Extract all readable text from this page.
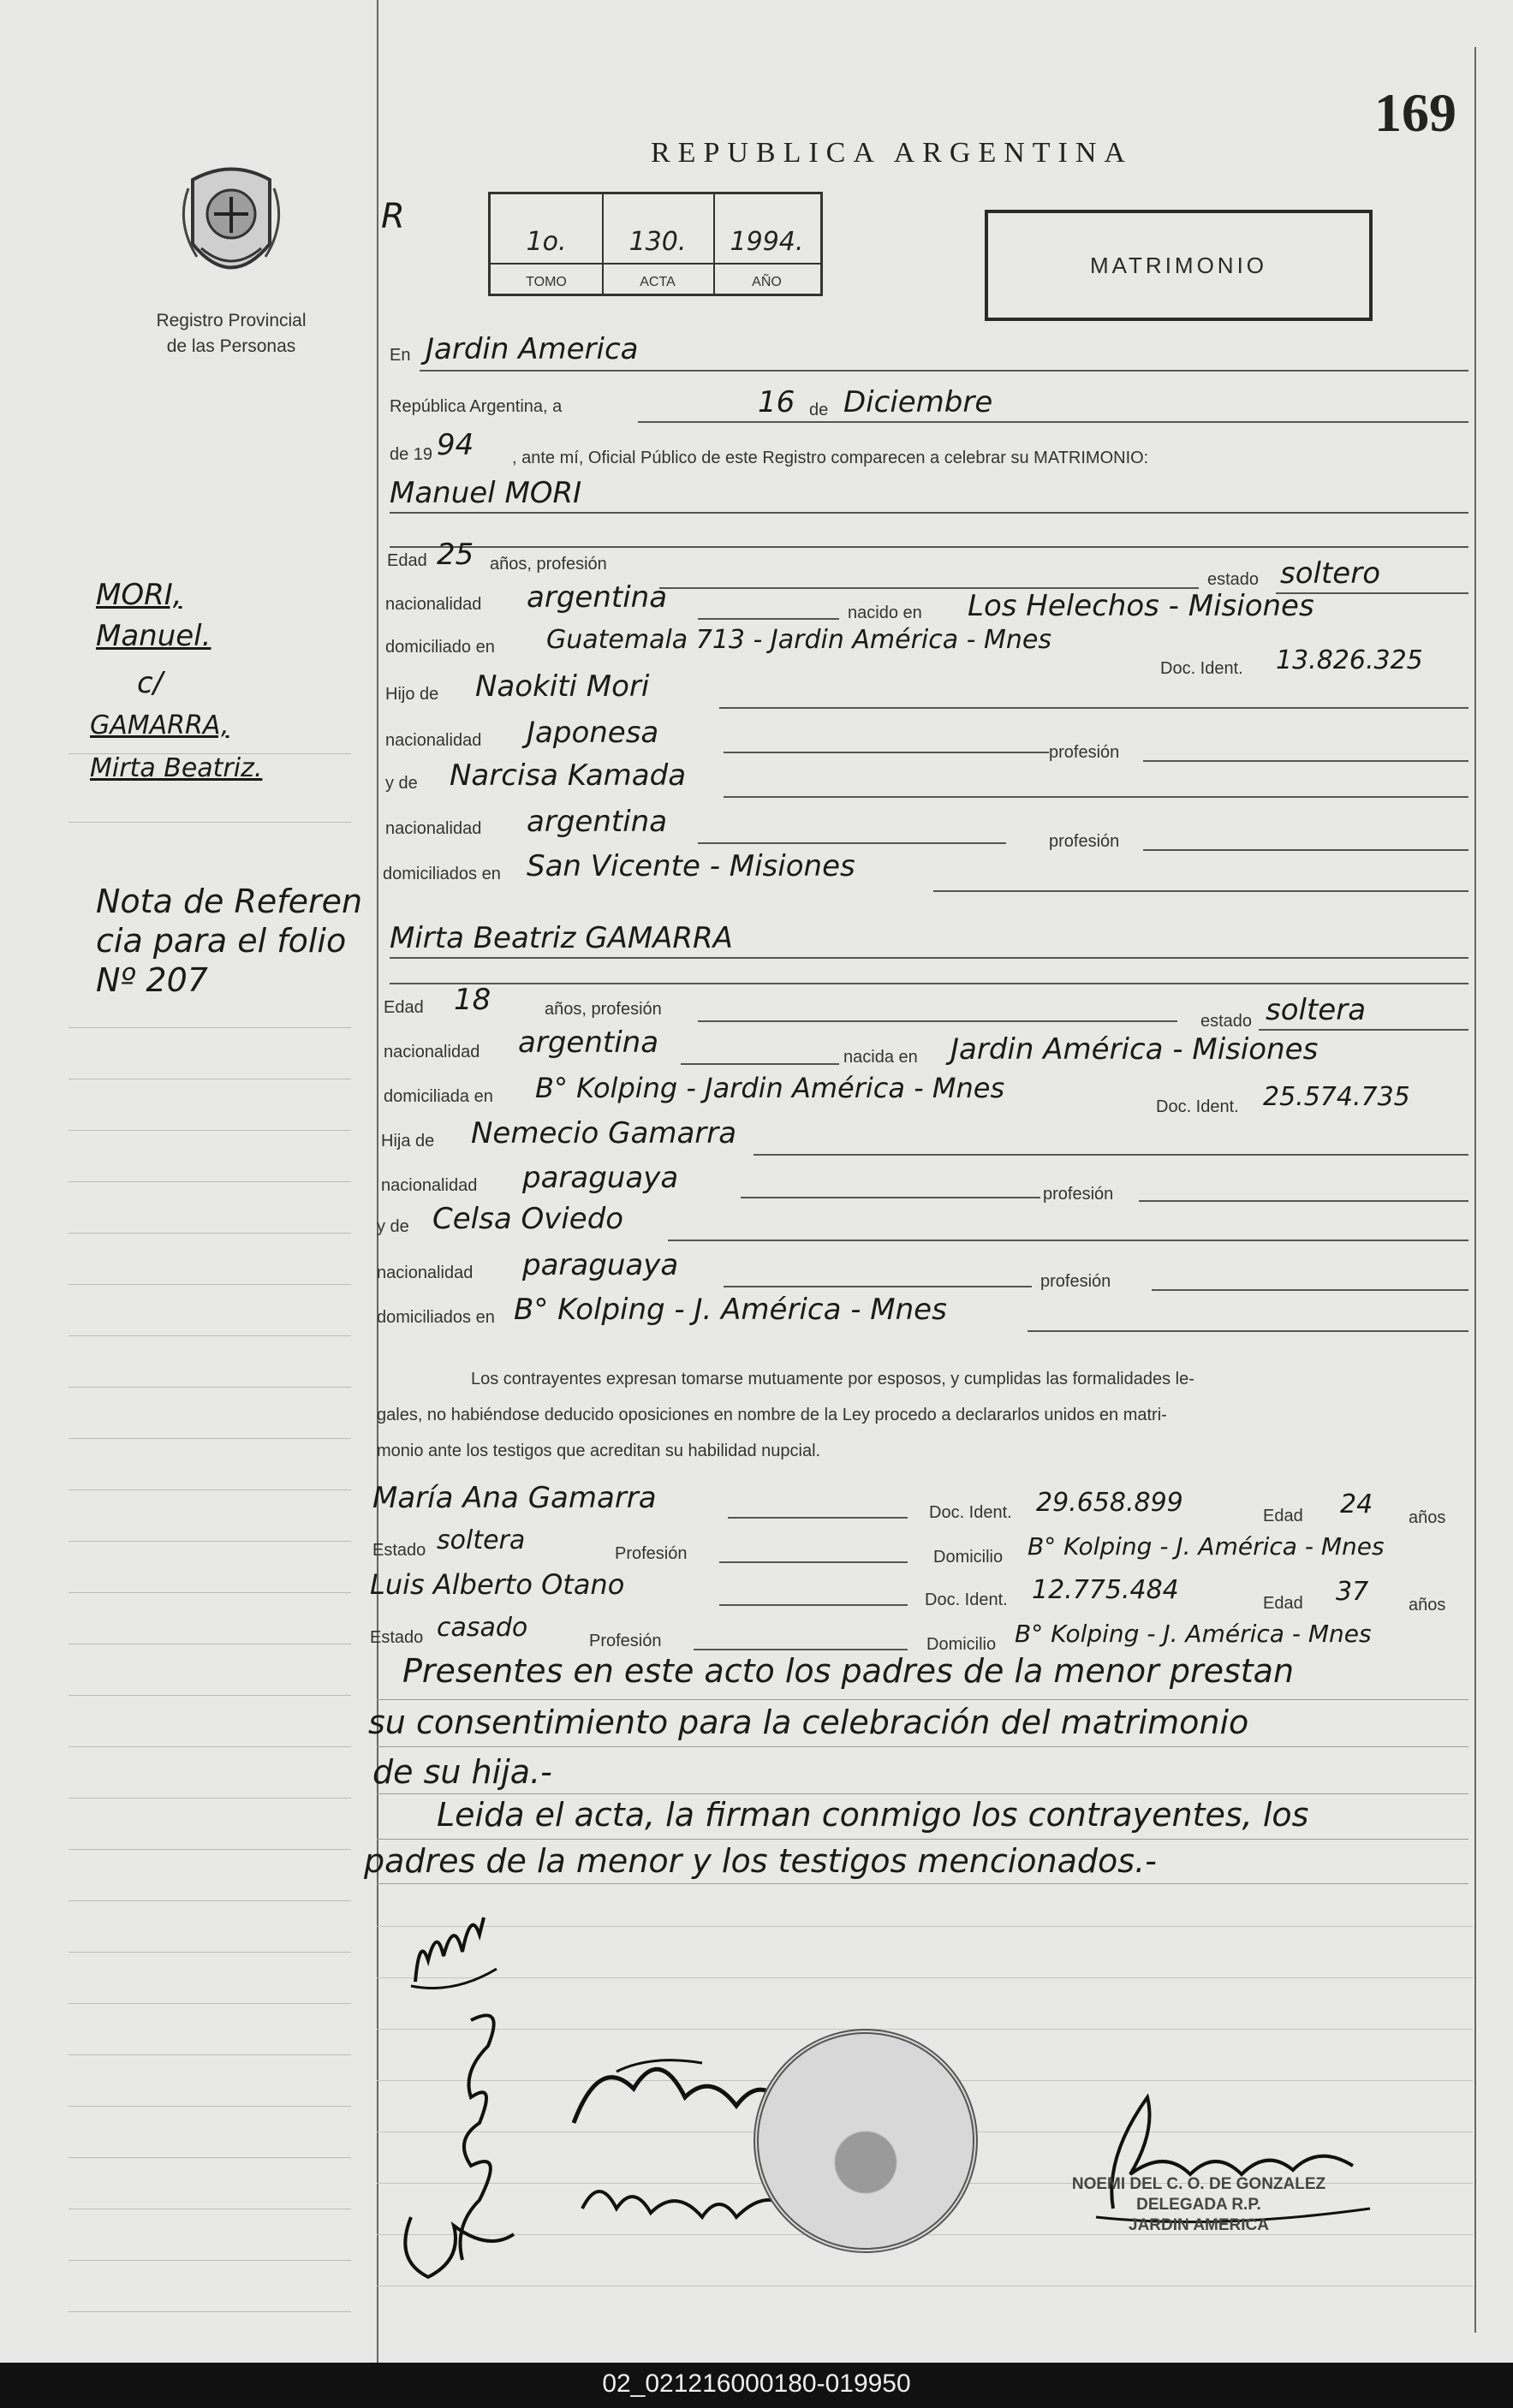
169
Registro Provincial
de las Personas
REPUBLICA ARGENTINA
R
1o.
TOMO
130.
ACTA
1994.
AÑO
MATRIMONIO
MORI,
Manuel.
c/
GAMARRA,
Mirta Beatriz.
Nota de Referen cia para el folio Nº 207
En Jardin America
República Argentina, a	16 de Diciembre
de 19 94 , ante mí, Oficial Público de este Registro comparecen a celebrar su MATRIMONIO:
Manuel MORI
Edad 25 años, profesión
estado soltero
nacionalidad argentina	nacido en Los Helechos - Misiones
domiciliado en Guatemala 713 - Jardin América - Mnes
Doc. Ident. 13.826.325
Hijo de Naokiti Mori
nacionalidad Japonesa
profesión
y de Narcisa Kamada
nacionalidad argentina
profesión
domiciliados en San Vicente - Misiones
Mirta Beatriz GAMARRA
Edad 18	años, profesión
estado soltera
nacionalidad argentina	nacida en Jardin América - Misiones
domiciliada en B° Kolping - Jardin América - Mnes
Doc. Ident. 25.574.735
Hija de Nemecio Gamarra
nacionalidad paraguaya	profesión
y de Celsa Oviedo
nacionalidad paraguaya	profesión
domiciliados en B° Kolping - J. América - Mnes
Los contrayentes expresan tomarse mutuamente por esposos, y cumplidas las formalidades le-
gales, no habiéndose deducido oposiciones en nombre de la Ley procedo a declararlos unidos en matri-
monio ante los testigos que acreditan su habilidad nupcial.
María Ana Gamarra	Doc. Ident. 29.658.899	Edad 24 años
Estado soltera	Profesión	Domicilio B° Kolping - J. América - Mnes
Luis Alberto Otano	Doc. Ident. 12.775.484	Edad 37 años
Estado casado	Profesión	Domicilio B° Kolping - J. América - Mnes
Presentes en este acto los padres de la menor prestan
su consentimiento para la celebración del matrimonio
de su hija.-
Leida el acta, la firman conmigo los contrayentes, los
padres de la menor y los testigos mencionados.-
NOEMI DEL C. O. DE GONZALEZ
DELEGADA R.P.
JARDIN AMERICA
02_021216000180-019950
